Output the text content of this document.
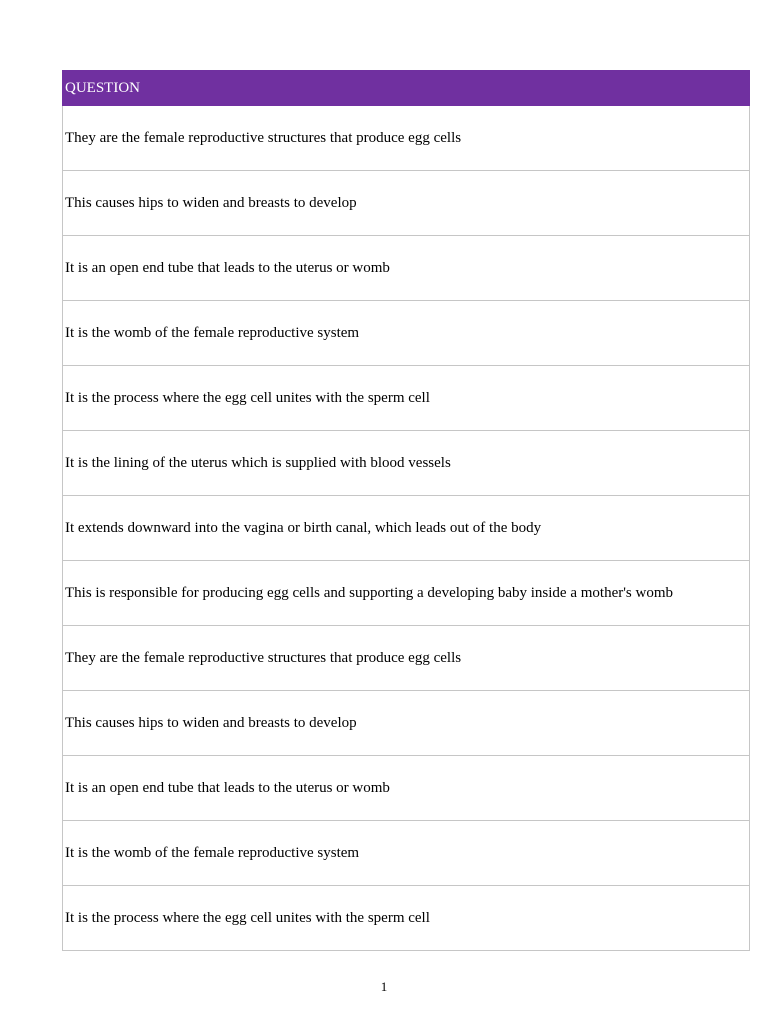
QUESTION
They are the female reproductive structures that produce egg cells
This causes hips to widen and breasts to develop
It is an open end tube that leads to the uterus or womb
It is the womb of the female reproductive system
It is the process where the egg cell unites with the sperm cell
It is the lining of the uterus which is supplied with blood vessels
It extends downward into the vagina or birth canal, which leads out of the body
This is responsible for producing egg cells and supporting a developing baby inside a mother's womb
They are the female reproductive structures that produce egg cells
This causes hips to widen and breasts to develop
It is an open end tube that leads to the uterus or womb
It is the womb of the female reproductive system
It is the process where the egg cell unites with the sperm cell
1
